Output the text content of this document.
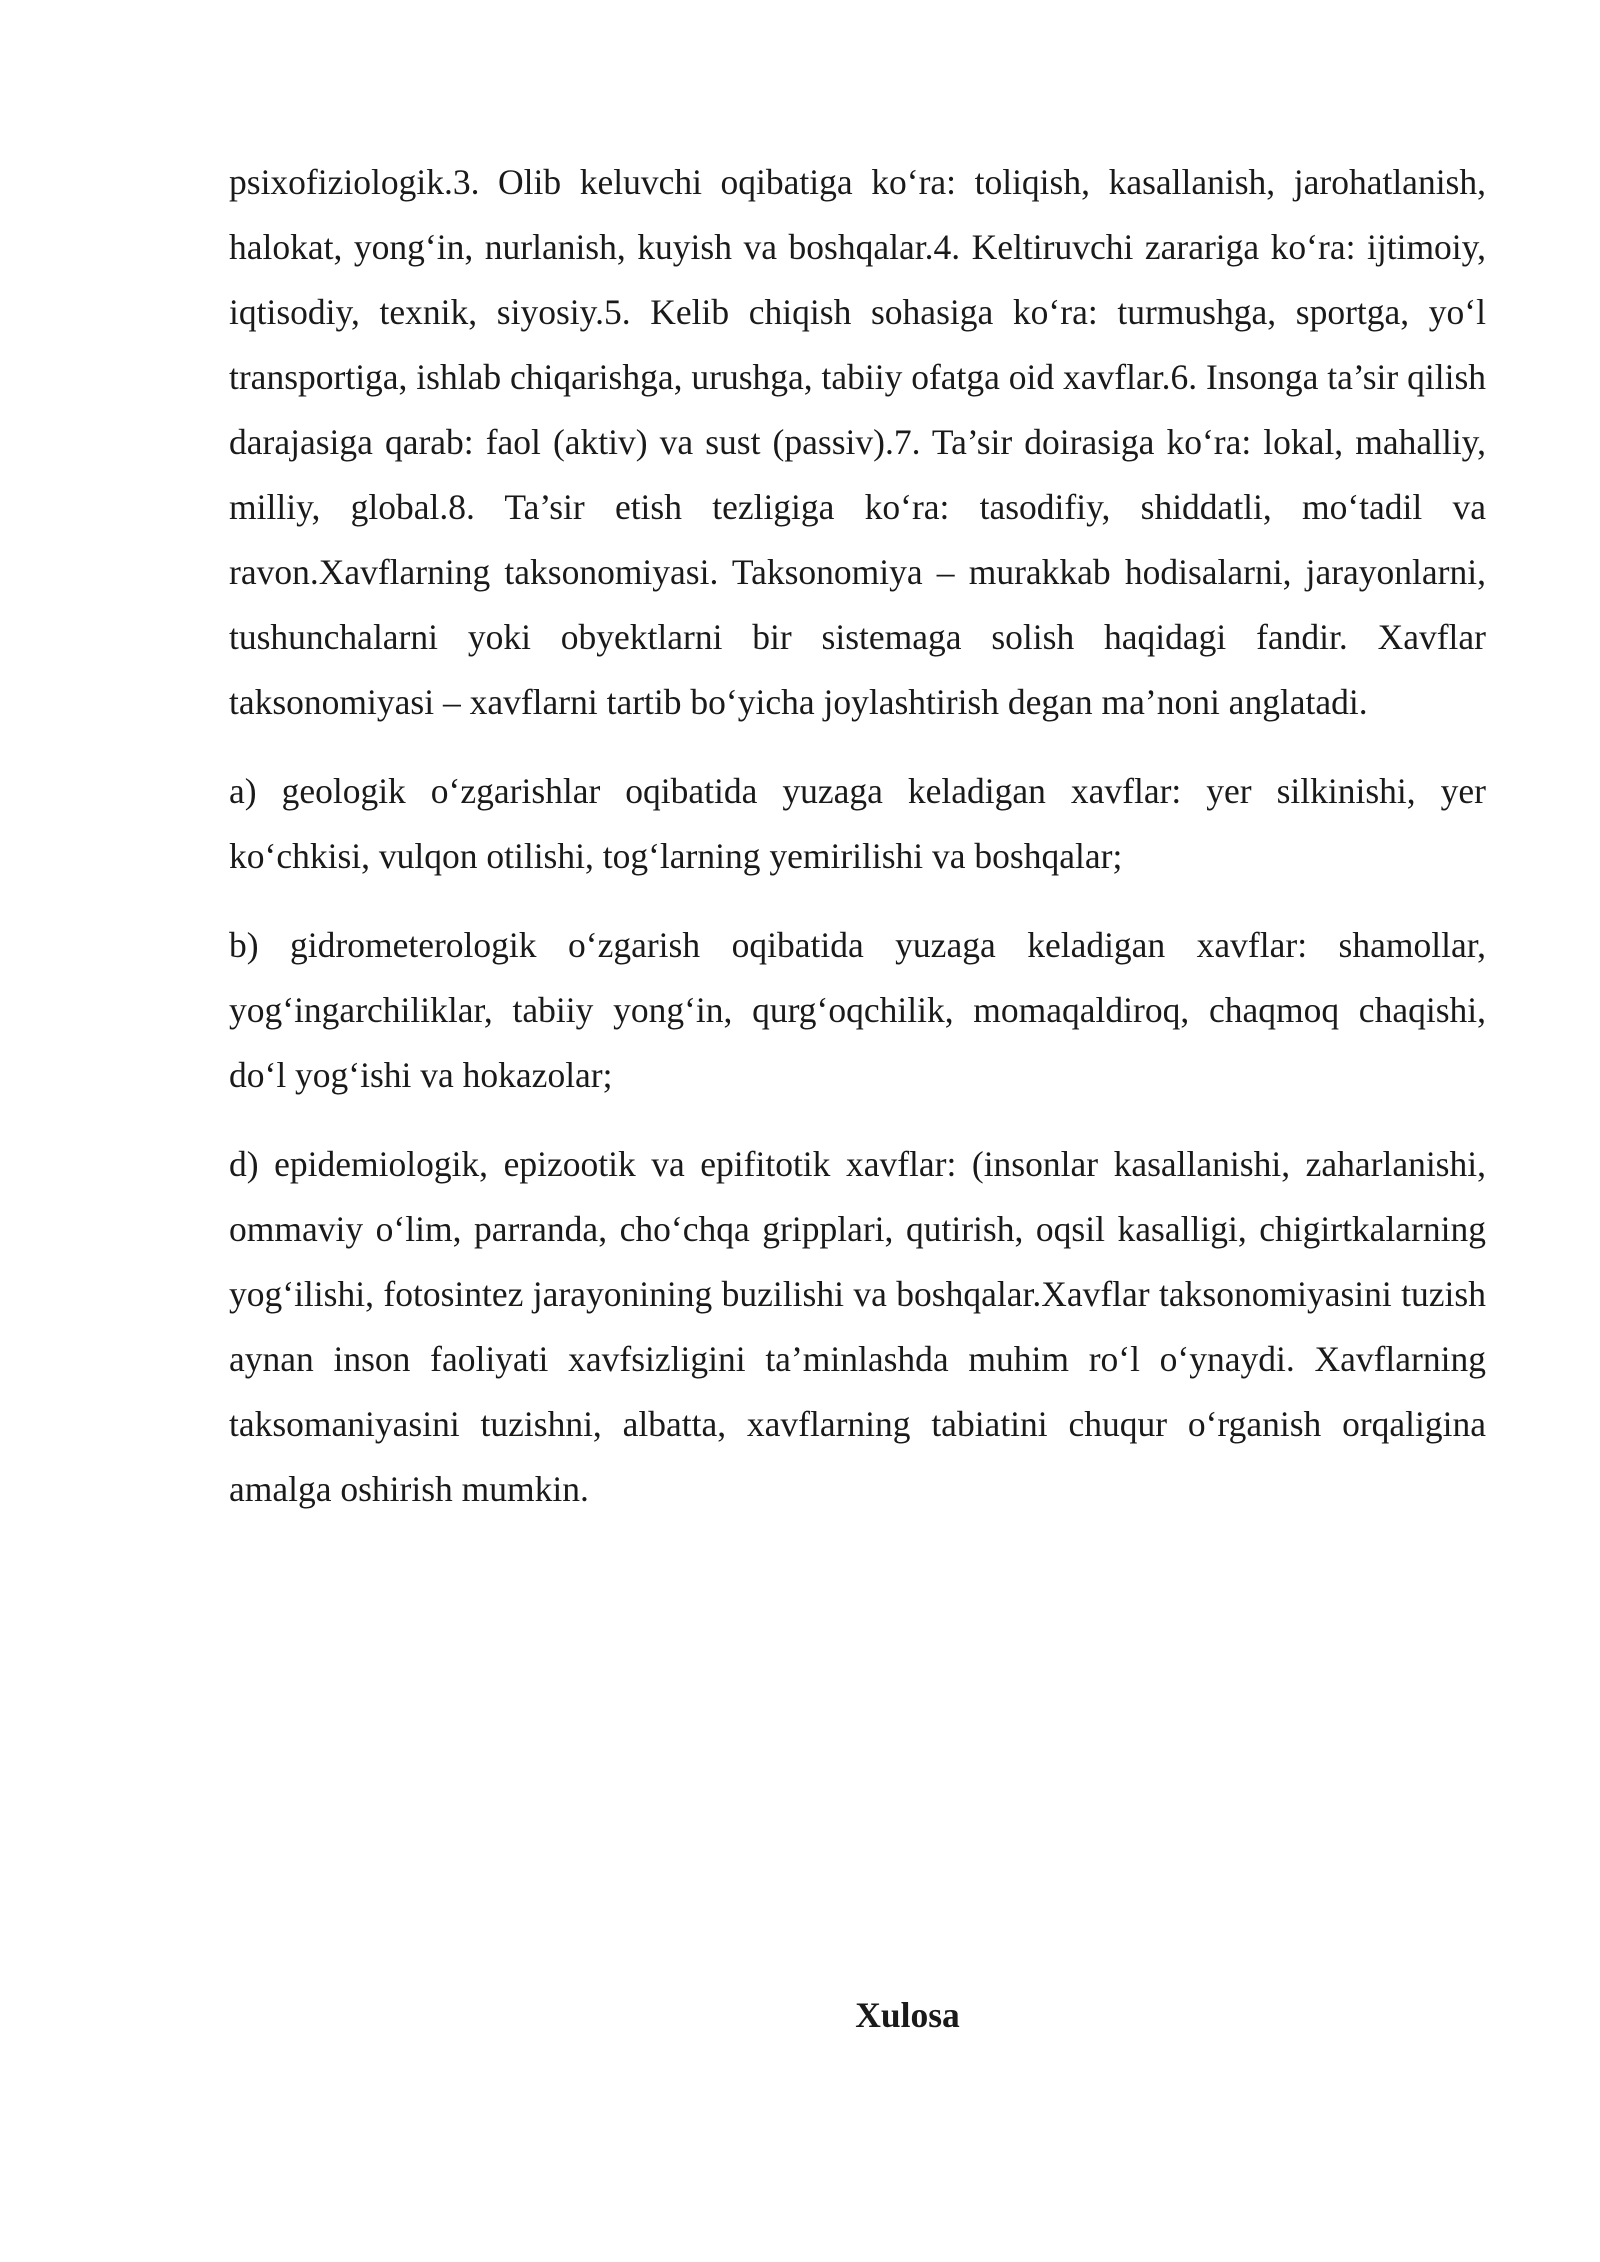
psixofiziologik.3. Olib keluvchi oqibatiga ko‘ra: toliqish, kasallanish, jarohatlanish, halokat, yong‘in, nurlanish, kuyish va boshqalar.4. Keltiruvchi zarariga ko‘ra: ijtimoiy, iqtisodiy, texnik, siyosiy.5. Kelib chiqish sohasiga ko‘ra: turmushga, sportga, yo‘l transportiga, ishlab chiqarishga, urushga, tabiiy ofatga oid xavflar.6. Insonga ta’sir qilish darajasiga qarab: faol (aktiv) va sust (passiv).7. Ta’sir doirasiga ko‘ra: lokal, mahalliy, milliy, global.8. Ta’sir etish tezligiga ko‘ra: tasodifiy, shiddatli, mo‘tadil va ravon.Xavflarning taksonomiyasi. Taksonomiya – murakkab hodisalarni, jarayonlarni, tushunchalarni yoki obyektlarni bir sistemaga solish haqidagi fandir. Xavflar taksonomiyasi – xavflarni tartib bo‘yicha joylashtirish degan ma’noni anglatadi.

a) geologik o‘zgarishlar oqibatida yuzaga keladigan xavflar: yer silkinishi, yer ko‘chkisi, vulqon otilishi, tog‘larning yemirilishi va boshqalar;

b) gidrometerologik o‘zgarish oqibatida yuzaga keladigan xavflar: shamollar, yog‘ingarchiliklar, tabiiy yong‘in, qurg‘oqchilik, momaqaldiroq, chaqmoq chaqishi, do‘l yog‘ishi va hokazolar;

d) epidemiologik, epizootik va epifitotik xavflar: (insonlar kasallanishi, zaharlanishi, ommaviy o‘lim, parranda, cho‘chqa gripplari, qutirish, oqsil kasalligi, chigirtkalarning yog‘ilishi, fotosintez jarayonining buzilishi va boshqalar.Xavflar taksonomiyasini tuzish aynan inson faoliyati xavfsizligini ta’minlashda muhim ro‘l o‘ynaydi. Xavflarning taksomaniyasini tuzishni, albatta, xavflarning tabiatini chuqur o‘rganish orqaligina amalga oshirish mumkin.

Xulosa
